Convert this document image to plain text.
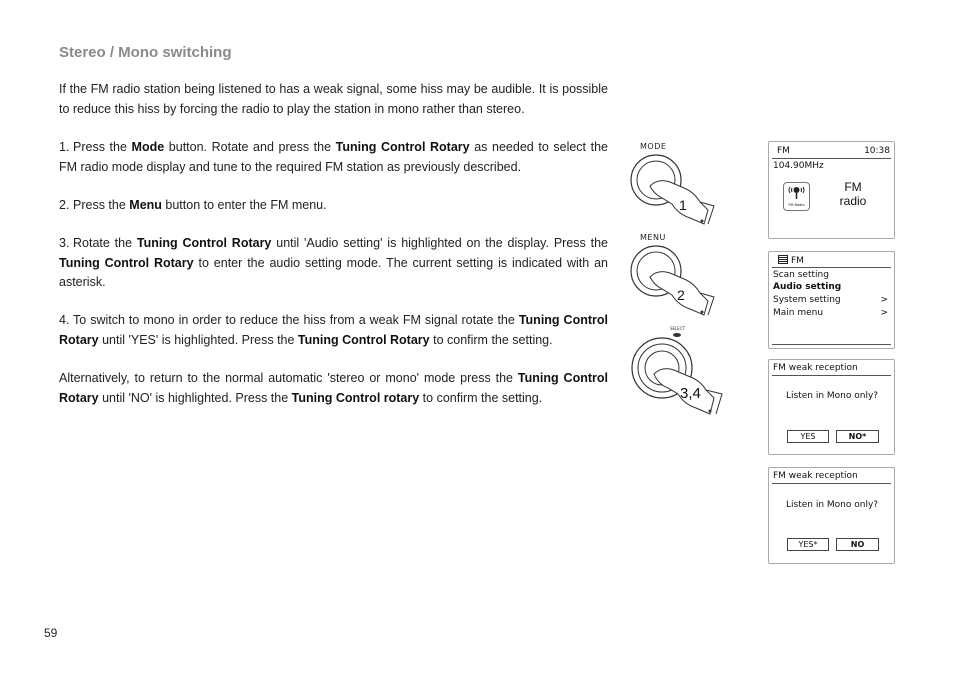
Stereo / Mono switching
If the FM radio station being listened to has a weak signal, some hiss may be audible. It is possible to reduce this hiss by forcing the radio to play the station in mono rather than stereo.
1. Press the Mode button. Rotate and press the Tuning Control Rotary as needed to select the FM radio mode display and tune to the required FM station as previously described.
2. Press the Menu button to enter the FM menu.
3. Rotate the Tuning Control Rotary until 'Audio setting' is highlighted on the display. Press the Tuning Control Rotary to enter the audio setting mode. The current setting is indicated with an asterisk.
4. To switch to mono in order to reduce the hiss from a weak FM signal rotate the Tuning Control Rotary until 'YES' is highlighted. Press the Tuning Control Rotary to confirm the setting.
Alternatively, to return to the normal automatic 'stereo or mono' mode press the Tuning Control Rotary until 'NO' is highlighted. Press the Tuning Control rotary to confirm the setting.
59
MODE
1
MENU
2
SELECT
3,4
FM	10:38
104.90MHz
FM Radio
FM
radio
FM
Scan setting
Audio setting
System setting	>
Main menu	>
FM weak reception
Listen in Mono only?
YES	NO*
FM weak reception
Listen in Mono only?
YES*	NO
